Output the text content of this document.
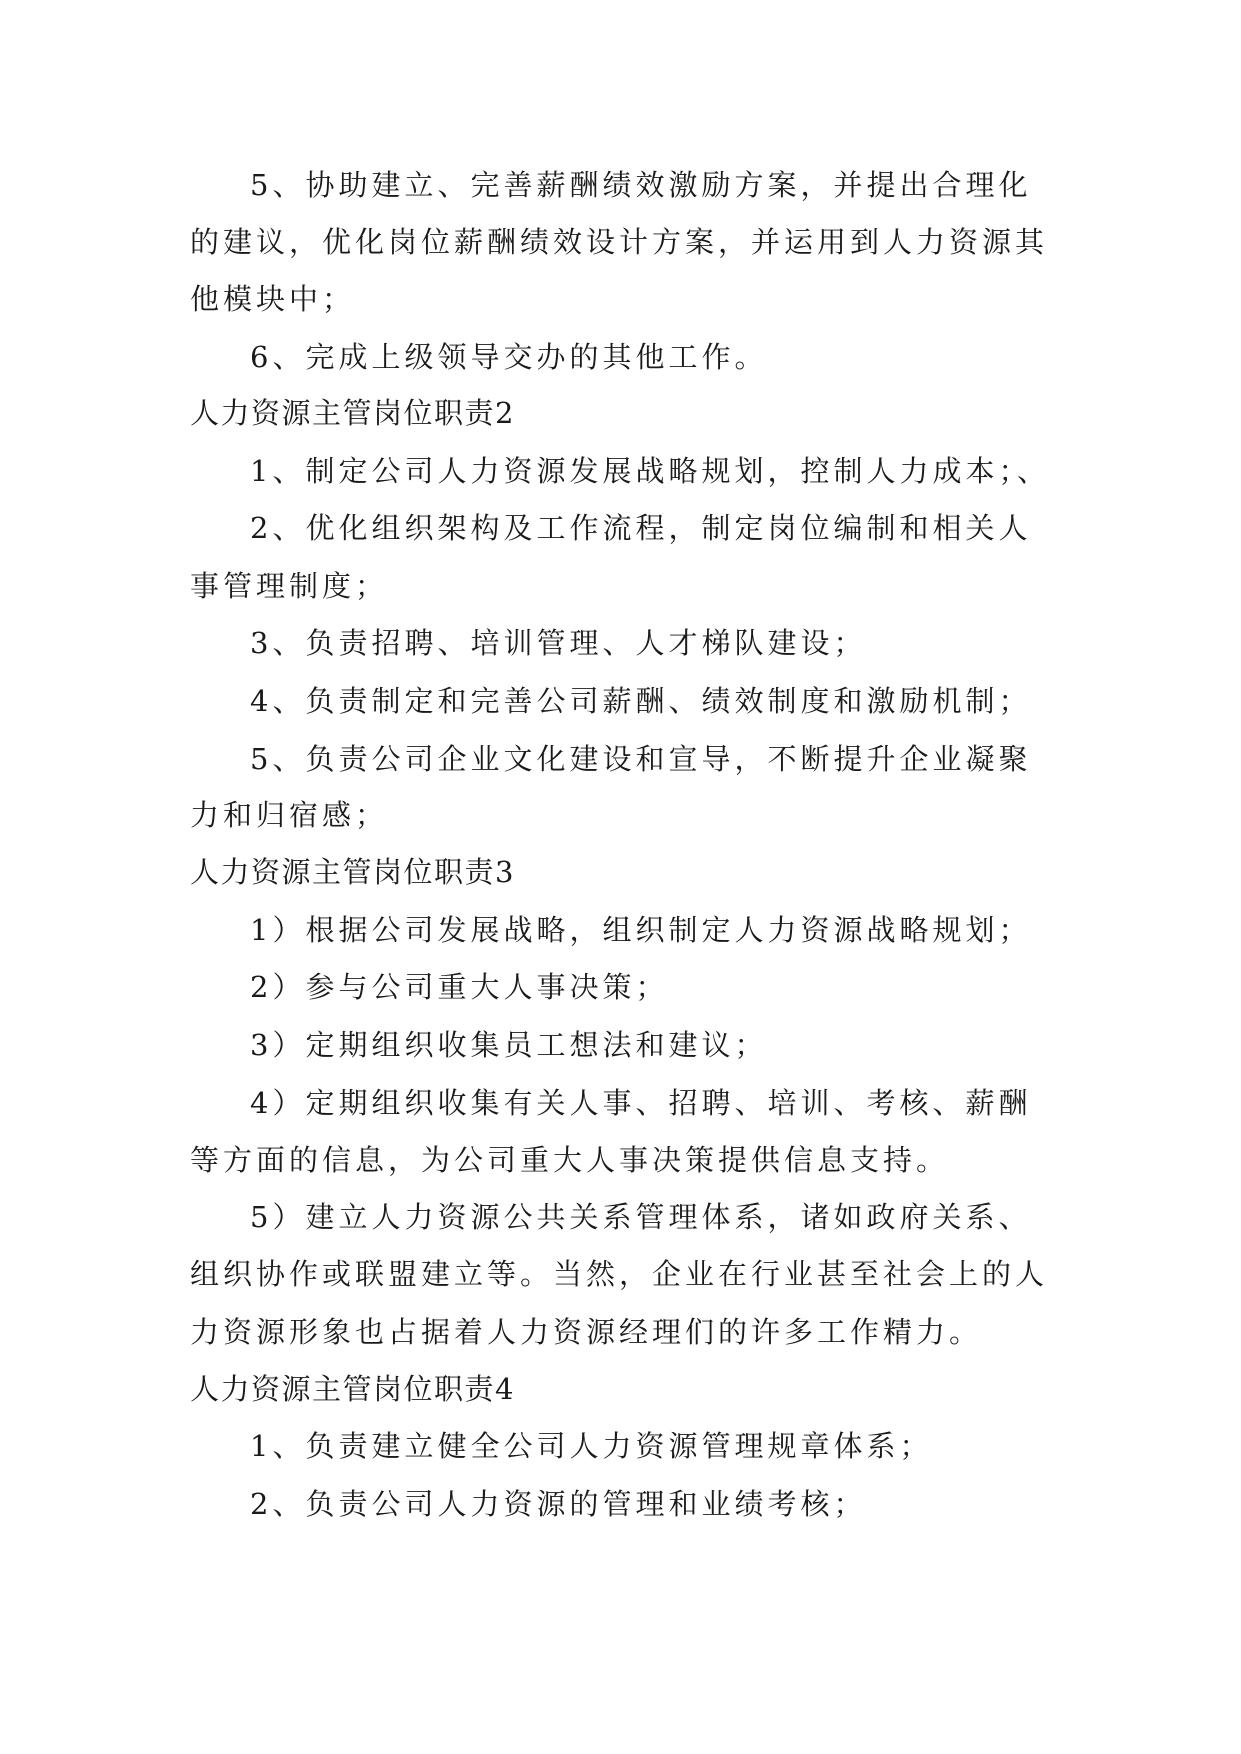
5、协助建立、完善薪酬绩效激励方案，并提出合理化
的建议，优化岗位薪酬绩效设计方案，并运用到人力资源其
他模块中；
6、完成上级领导交办的其他工作。
人力资源主管岗位职责2
1、制定公司人力资源发展战略规划，控制人力成本；、
2、优化组织架构及工作流程，制定岗位编制和相关人
事管理制度；
3、负责招聘、培训管理、人才梯队建设；
4、负责制定和完善公司薪酬、绩效制度和激励机制；
5、负责公司企业文化建设和宣导，不断提升企业凝聚
力和归宿感；
人力资源主管岗位职责3
1）根据公司发展战略，组织制定人力资源战略规划；
2）参与公司重大人事决策；
3）定期组织收集员工想法和建议；
4）定期组织收集有关人事、招聘、培训、考核、薪酬
等方面的信息，为公司重大人事决策提供信息支持。
5）建立人力资源公共关系管理体系，诸如政府关系、
组织协作或联盟建立等。当然，企业在行业甚至社会上的人
力资源形象也占据着人力资源经理们的许多工作精力。
人力资源主管岗位职责4
1、负责建立健全公司人力资源管理规章体系；
2、负责公司人力资源的管理和业绩考核；
